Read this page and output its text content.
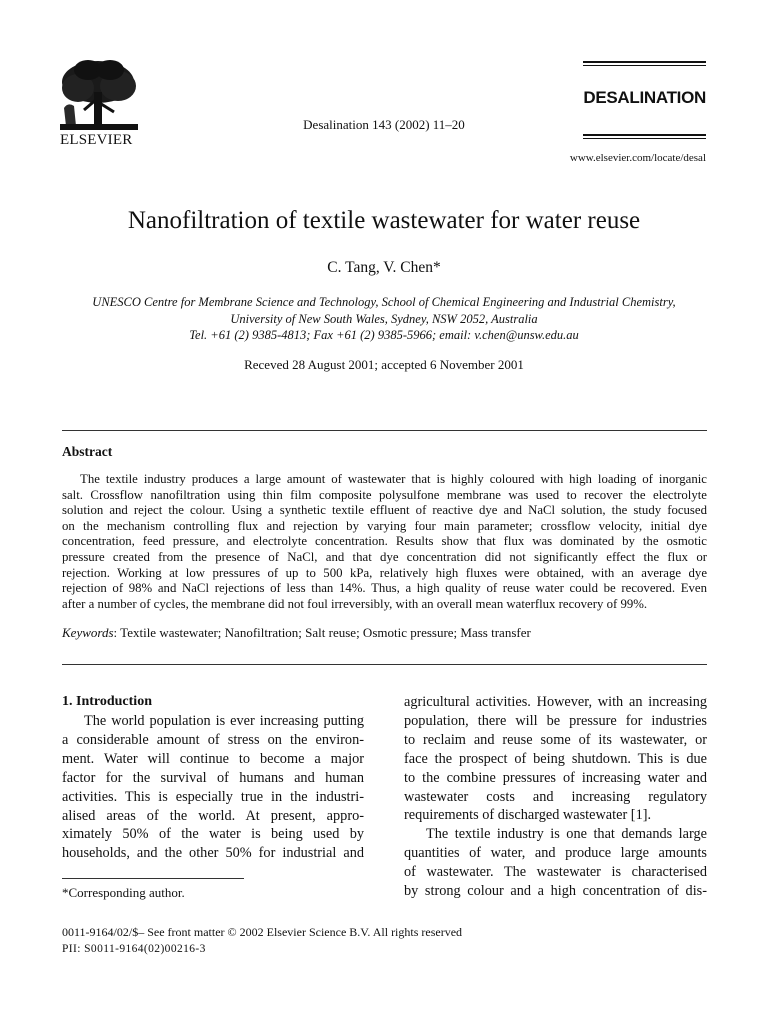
ELSEVIER
Desalination 143 (2002) 11–20
DESALINATION
www.elsevier.com/locate/desal
Nanofiltration of textile wastewater for water reuse
C. Tang, V. Chen*
UNESCO Centre for Membrane Science and Technology, School of Chemical Engineering and Industrial Chemistry,
University of New South Wales, Sydney, NSW 2052, Australia
Tel. +61 (2) 9385-4813; Fax +61 (2) 9385-5966; email: v.chen@unsw.edu.au
Receved 28 August 2001; accepted 6 November 2001
Abstract
The textile industry produces a large amount of wastewater that is highly coloured with high loading of inorganic
salt. Crossflow nanofiltration using thin film composite polysulfone membrane was used to recover the electrolyte
solution and reject the colour. Using a synthetic textile effluent of reactive dye and NaCl solution, the study focused
on the mechanism controlling flux and rejection by varying four main parameter; crossflow velocity, initial dye
concentration, feed pressure, and electrolyte concentration. Results show that flux was dominated by the osmotic
pressure created from the presence of NaCl, and that dye concentration did not significantly effect the flux or
rejection. Working at low pressures of up to 500 kPa, relatively high fluxes were obtained, with an average dye
rejection of 98% and NaCl rejections of less than 14%. Thus, a high quality of reuse water could be recovered. Even
after a number of cycles, the membrane did not foul irreversibly, with an overall mean waterflux recovery of 99%.
Keywords: Textile wastewater; Nanofiltration; Salt reuse; Osmotic pressure; Mass transfer
1. Introduction
The world population is ever increasing putting
a considerable amount of stress on the environ-
ment. Water will continue to become a major
factor for the survival of humans and human
activities. This is especially true in the industri-
alised areas of the world. At present, appro-
ximately 50% of the water is being used by
households, and the other 50% for industrial and
agricultural activities. However, with an increasing
population, there will be pressure for industries
to reclaim and reuse some of its wastewater, or
face the prospect of being shutdown. This is due
to the combine pressures of increasing water and
wastewater costs and increasing regulatory
requirements of discharged wastewater [1].
The textile industry is one that demands large
quantities of water, and produce large amounts
of wastewater. The wastewater is characterised
by strong colour and a high concentration of dis-
*Corresponding author.
0011-9164/02/$– See front matter © 2002 Elsevier Science B.V. All rights reserved
PII: S0011-9164(02)00216-3
